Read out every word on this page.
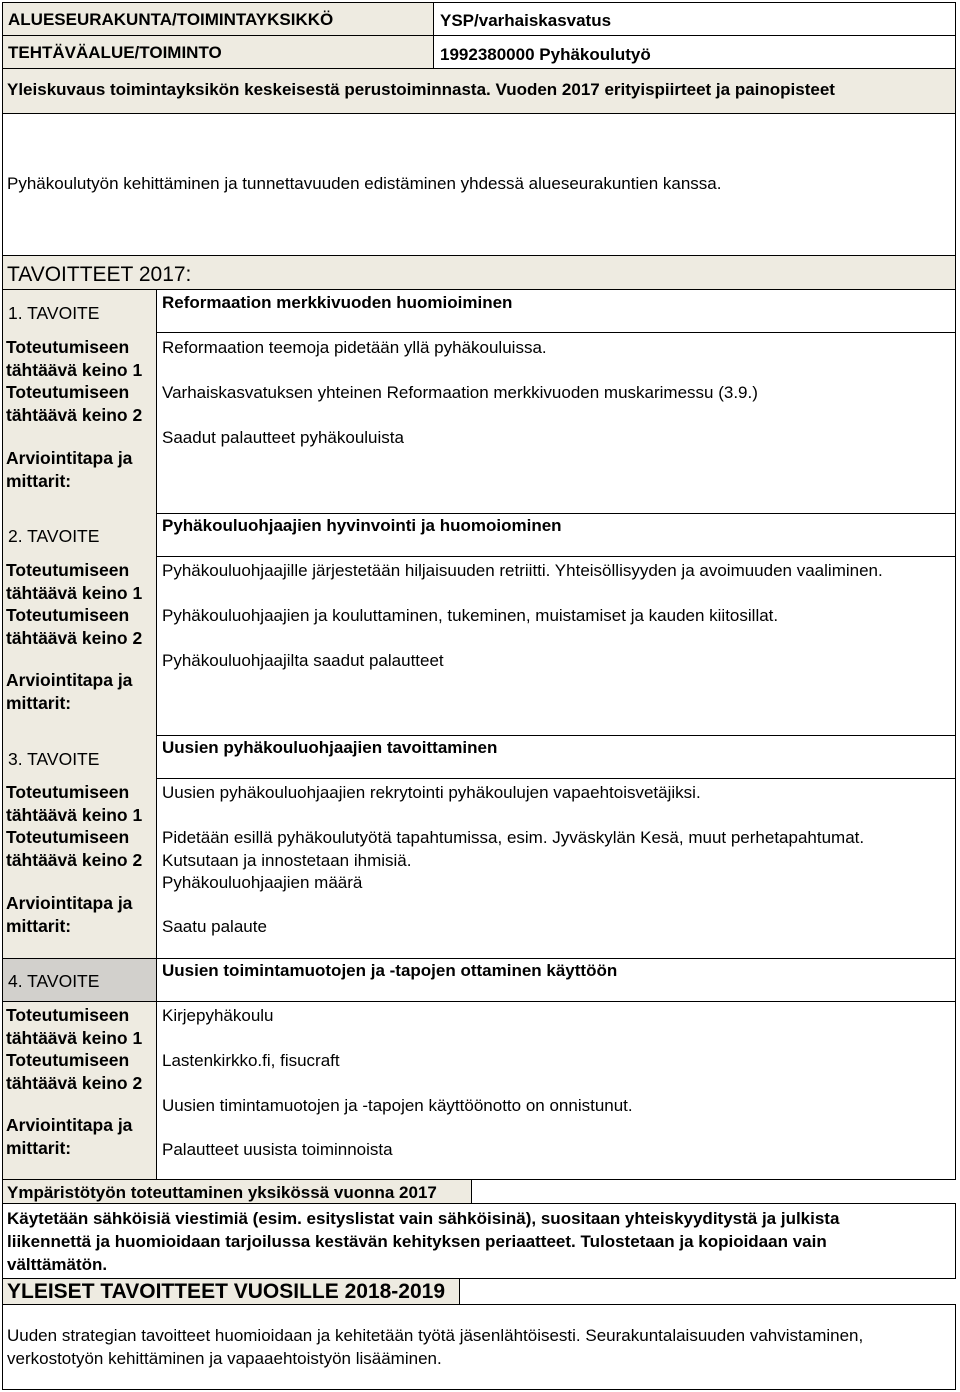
ALUESEURAKUNTA/TOIMINTAYKSIKKÖ	YSP/varhaiskasvatus
TEHTÄVÄALUE/TOIMINTO	1992380000 Pyhäkoulutyö
Yleiskuvaus toimintayksikön keskeisestä perustoiminnasta. Vuoden 2017 erityispiirteet ja painopisteet
Pyhäkoulutyön kehittäminen ja tunnettavuuden edistäminen yhdessä alueseurakuntien kanssa.
TAVOITTEET 2017:
1. TAVOITE
Toteutumiseen
tähtäävä keino 1
Toteutumiseen
tähtäävä keino 2
Arviointitapa ja
mittarit:
Reformaation merkkivuoden huomioiminen
Reformaation teemoja pidetään yllä pyhäkouluissa.
Varhaiskasvatuksen yhteinen Reformaation merkkivuoden muskarimessu (3.9.)
Saadut palautteet pyhäkouluista
2. TAVOITE
Toteutumiseen
tähtäävä keino 1
Toteutumiseen
tähtäävä keino 2
Arviointitapa ja
mittarit:
Pyhäkouluohjaajien hyvinvointi ja huomoiominen
Pyhäkouluohjaajille järjestetään hiljaisuuden retriitti. Yhteisöllisyyden ja avoimuuden vaaliminen.
Pyhäkouluohjaajien ja kouluttaminen, tukeminen, muistamiset ja kauden kiitosillat.
Pyhäkouluohjaajilta saadut palautteet
3. TAVOITE
Toteutumiseen
tähtäävä keino 1
Toteutumiseen
tähtäävä keino 2
Arviointitapa ja
mittarit:
Uusien pyhäkouluohjaajien tavoittaminen
Uusien pyhäkouluohjaajien rekrytointi pyhäkoulujen vapaehtoisvetäjiksi.
Pidetään esillä pyhäkoulutyötä tapahtumissa, esim. Jyväskylän Kesä, muut perhetapahtumat.
Kutsutaan ja innostetaan ihmisiä.
Pyhäkouluohjaajien määrä
Saatu palaute
4. TAVOITE
Toteutumiseen
tähtäävä keino 1
Toteutumiseen
tähtäävä keino 2
Arviointitapa ja
mittarit:
Uusien toimintamuotojen ja -tapojen ottaminen käyttöön
Kirjepyhäkoulu
Lastenkirkko.fi, fisucraft
Uusien timintamuotojen ja -tapojen käyttöönotto on onnistunut.
Palautteet uusista toiminnoista
Ympäristötyön toteuttaminen yksikössä vuonna 2017
Käytetään sähköisiä viestimiä (esim. esityslistat vain sähköisinä), suositaan yhteiskyyditystä ja julkista liikennettä ja huomioidaan tarjoilussa kestävän kehityksen periaatteet. Tulostetaan ja kopioidaan vain välttämätön.
YLEISET TAVOITTEET VUOSILLE 2018-2019
Uuden strategian tavoitteet huomioidaan ja kehitetään työtä jäsenlähtöisesti. Seurakuntalaisuuden vahvistaminen, verkostotyön kehittäminen ja vapaaehtoistyön lisääminen.
